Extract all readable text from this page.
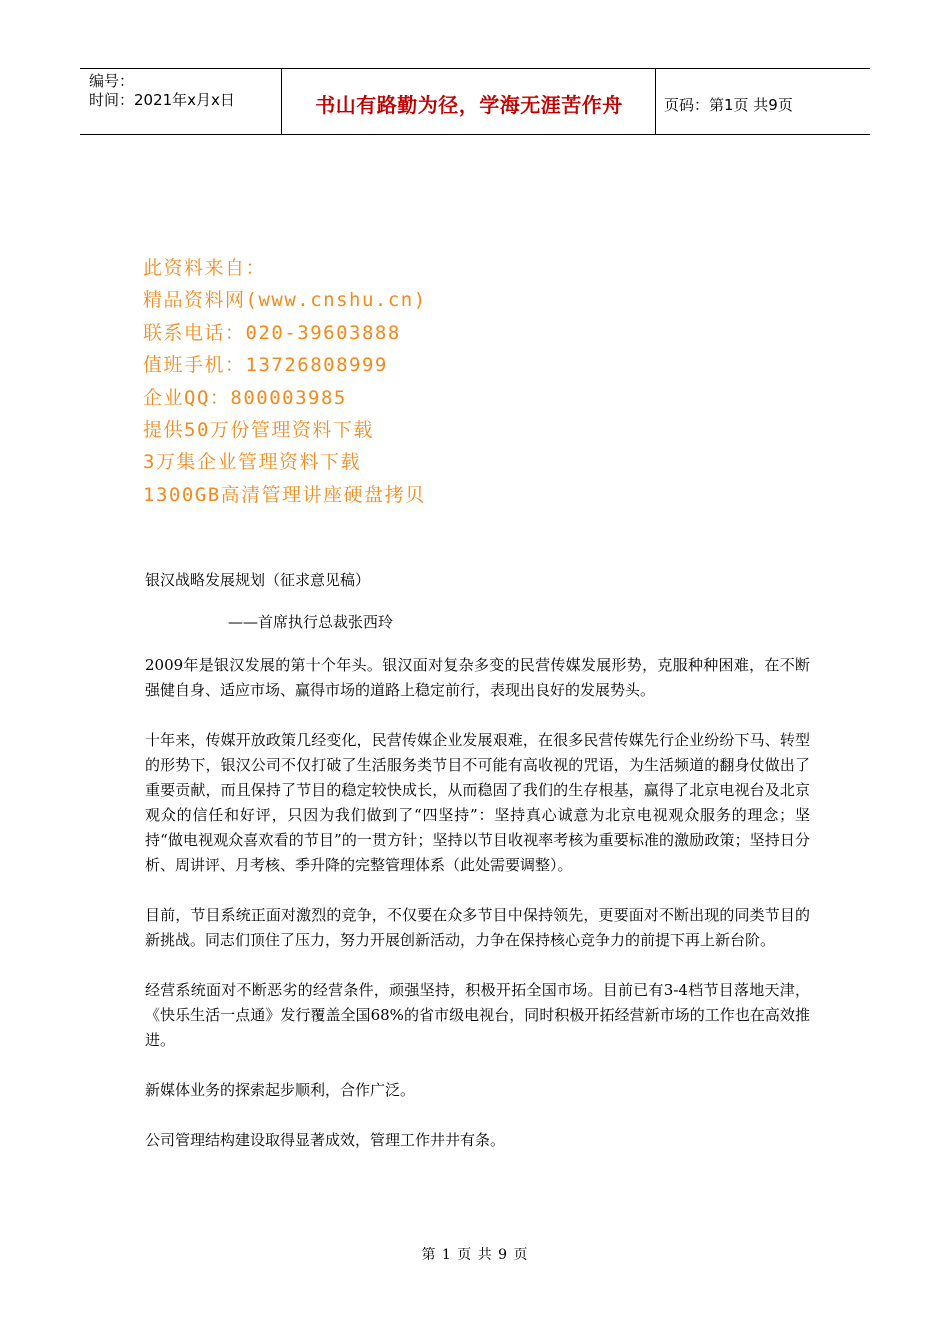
编号：
时间：2021年x月x日	书山有路勤为径，学海无涯苦作舟	页码：第1页 共9页
此资料来自：
精品资料网(www.cnshu.cn)
联系电话：020-39603888
值班手机：13726808999
企业QQ：800003985
提供50万份管理资料下载
3万集企业管理资料下载
1300GB高清管理讲座硬盘拷贝

银汉战略发展规划（征求意见稿）

——首席执行总裁张西玲

2009年是银汉发展的第十个年头。银汉面对复杂多变的民营传媒发展形势，克服种种困难，在不断强健自身、适应市场、赢得市场的道路上稳定前行，表现出良好的发展势头。

十年来，传媒开放政策几经变化，民营传媒企业发展艰难，在很多民营传媒先行企业纷纷下马、转型的形势下，银汉公司不仅打破了生活服务类节目不可能有高收视的咒语，为生活频道的翻身仗做出了重要贡献，而且保持了节目的稳定较快成长，从而稳固了我们的生存根基，赢得了北京电视台及北京观众的信任和好评，只因为我们做到了“四坚持”：坚持真心诚意为北京电视观众服务的理念；坚持“做电视观众喜欢看的节目”的一贯方针；坚持以节目收视率考核为重要标准的激励政策；坚持日分析、周讲评、月考核、季升降的完整管理体系（此处需要调整）。

目前，节目系统正面对激烈的竞争，不仅要在众多节目中保持领先，更要面对不断出现的同类节目的新挑战。同志们顶住了压力，努力开展创新活动，力争在保持核心竞争力的前提下再上新台阶。

经营系统面对不断恶劣的经营条件，顽强坚持，积极开拓全国市场。目前已有3-4档节目落地天津，《快乐生活一点通》发行覆盖全国68%的省市级电视台，同时积极开拓经营新市场的工作也在高效推进。

新媒体业务的探索起步顺利，合作广泛。

公司管理结构建设取得显著成效，管理工作井井有条。

第 1 页 共 9 页
